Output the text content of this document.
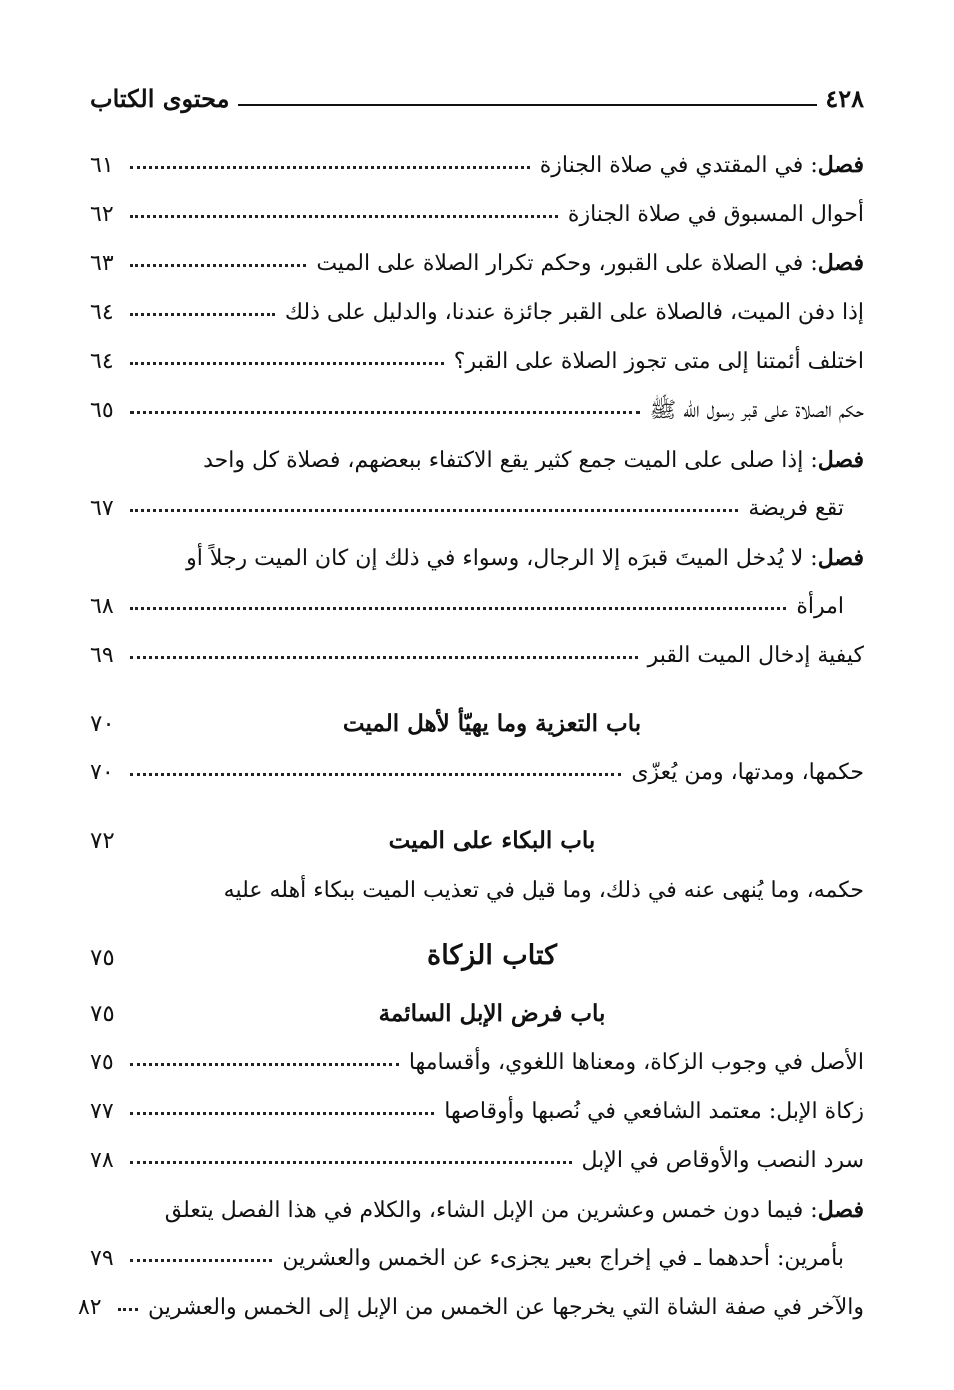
٤٢٨
محتوى الكتاب
فصل: في المقتدي في صلاة الجنازة
٦١
أحوال المسبوق في صلاة الجنازة
٦٢
فصل: في الصلاة على القبور، وحكم تكرار الصلاة على الميت
٦٣
إذا دفن الميت، فالصلاة على القبر جائزة عندنا، والدليل على ذلك
٦٤
اختلف أئمتنا إلى متى تجوز الصلاة على القبر؟
٦٤
حكم الصلاة على قبر رسول الله ﷺ
٦٥
فصل
: إذا صلى على الميت جمع كثير يقع الاكتفاء ببعضهم، فصلاة كل واحد
تقع فريضة
٦٧
فصل
: لا يُدخل الميتَ قبرَه إلا الرجال، وسواء في ذلك إن كان الميت رجلاً أو
امرأة
٦٨
كيفية إدخال الميت القبر
٦٩
باب التعزية وما يهيّأ لأهل الميت
٧٠
حكمها، ومدتها، ومن يُعزّى
٧٠
باب البكاء على الميت
٧٢
حكمه، وما يُنهى عنه في ذلك، وما قيل في تعذيب الميت ببكاء أهله عليه
كتاب الزكاة
٧٥
باب فرض الإبل السائمة
٧٥
الأصل في وجوب الزكاة، ومعناها اللغوي، وأقسامها
٧٥
زكاة الإبل: معتمد الشافعي في نُصبها وأوقاصها
٧٧
سرد النصب والأوقاص في الإبل
٧٨
فصل
: فيما دون خمس وعشرين من الإبل الشاء، والكلام في هذا الفصل يتعلق
بأمرين: أحدهما ـ في إخراج بعير يجزىء عن الخمس والعشرين
٧٩
والآخر في صفة الشاة التي يخرجها عن الخمس من الإبل إلى الخمس والعشرين
٨٢
